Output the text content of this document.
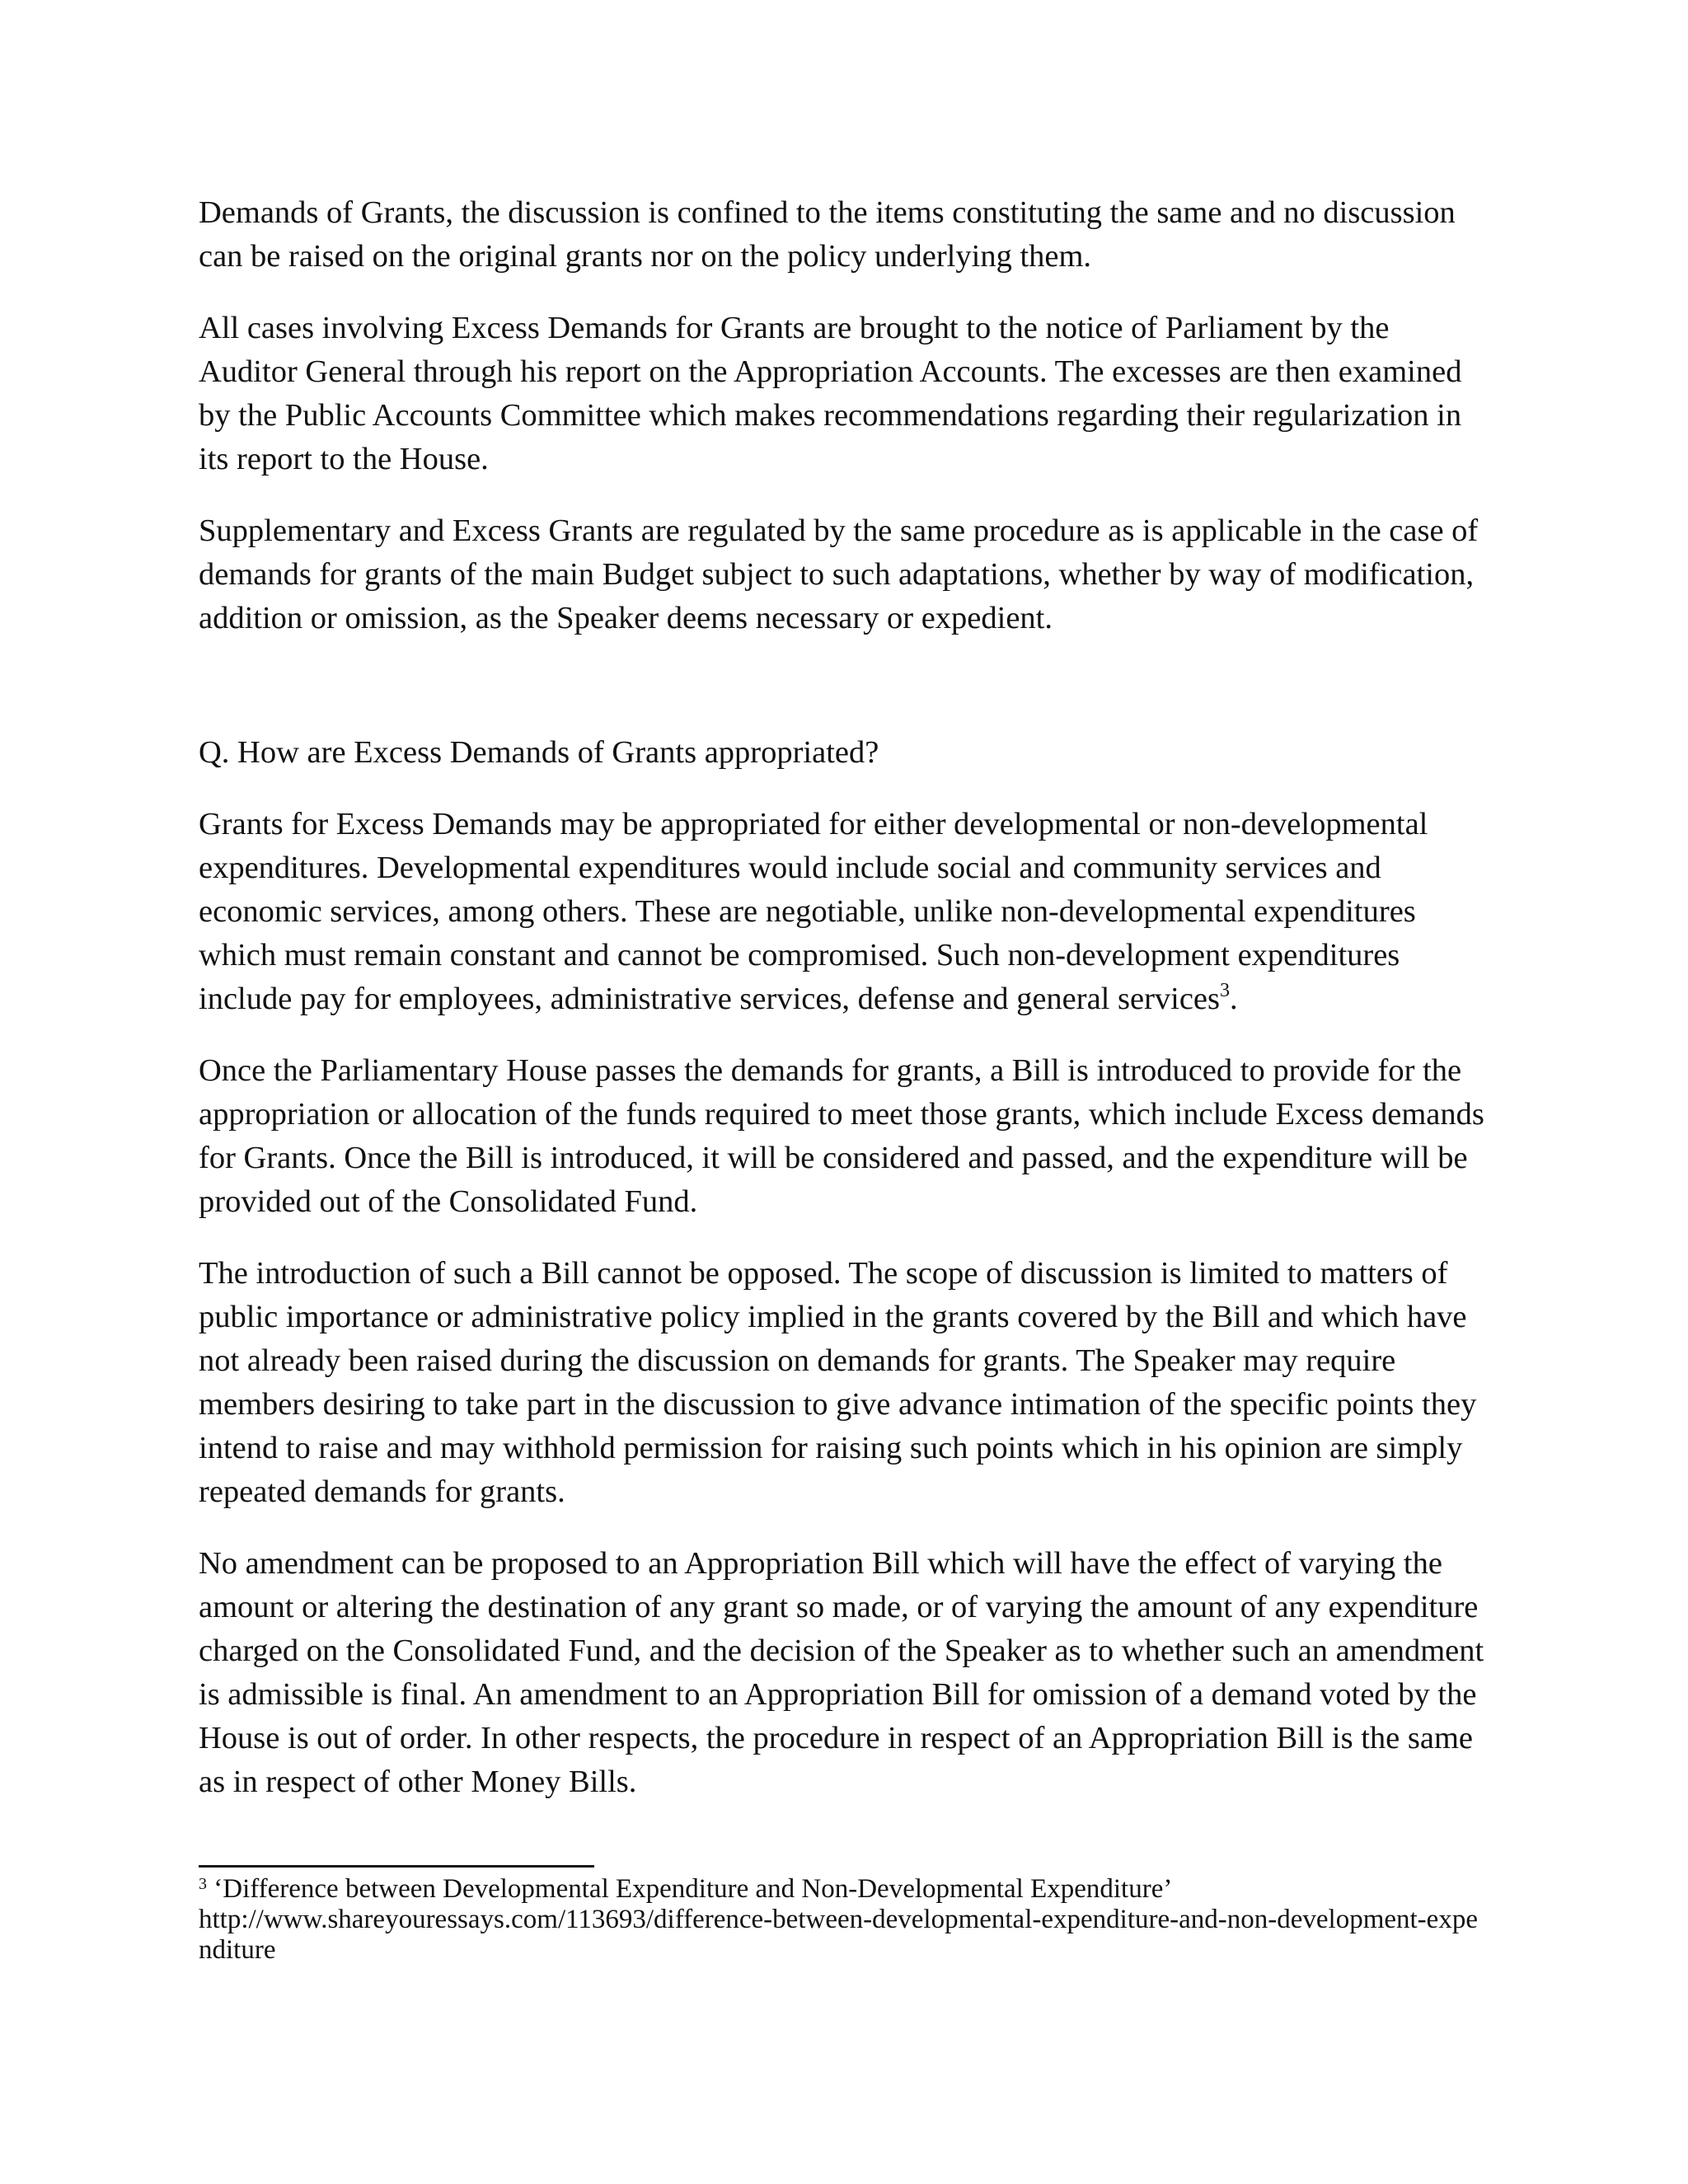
Demands of Grants, the discussion is confined to the items constituting the same and no discussion can be raised on the original grants nor on the policy underlying them.

All cases involving Excess Demands for Grants are brought to the notice of Parliament by the Auditor General through his report on the Appropriation Accounts. The excesses are then examined by the Public Accounts Committee which makes recommendations regarding their regularization in its report to the House.

Supplementary and Excess Grants are regulated by the same procedure as is applicable in the case of demands for grants of the main Budget subject to such adaptations, whether by way of modification, addition or omission, as the Speaker deems necessary or expedient.

Q. How are Excess Demands of Grants appropriated?

Grants for Excess Demands may be appropriated for either developmental or non-developmental expenditures. Developmental expenditures would include social and community services and economic services, among others. These are negotiable, unlike non-developmental expenditures which must remain constant and cannot be compromised. Such non-development expenditures include pay for employees, administrative services, defense and general services$^3$.

Once the Parliamentary House passes the demands for grants, a Bill is introduced to provide for the appropriation or allocation of the funds required to meet those grants, which include Excess demands for Grants. Once the Bill is introduced, it will be considered and passed, and the expenditure will be provided out of the Consolidated Fund.

The introduction of such a Bill cannot be opposed. The scope of discussion is limited to matters of public importance or administrative policy implied in the grants covered by the Bill and which have not already been raised during the discussion on demands for grants. The Speaker may require members desiring to take part in the discussion to give advance intimation of the specific points they intend to raise and may withhold permission for raising such points which in his opinion are simply repeated demands for grants.

No amendment can be proposed to an Appropriation Bill which will have the effect of varying the amount or altering the destination of any grant so made, or of varying the amount of any expenditure charged on the Consolidated Fund, and the decision of the Speaker as to whether such an amendment is admissible is final. An amendment to an Appropriation Bill for omission of a demand voted by the House is out of order. In other respects, the procedure in respect of an Appropriation Bill is the same as in respect of other Money Bills.

$^3$ ‘Difference between Developmental Expenditure and Non-Developmental Expenditure’
http://www.shareyouressays.com/113693/difference-between-developmental-expenditure-and-non-development-expenditure
